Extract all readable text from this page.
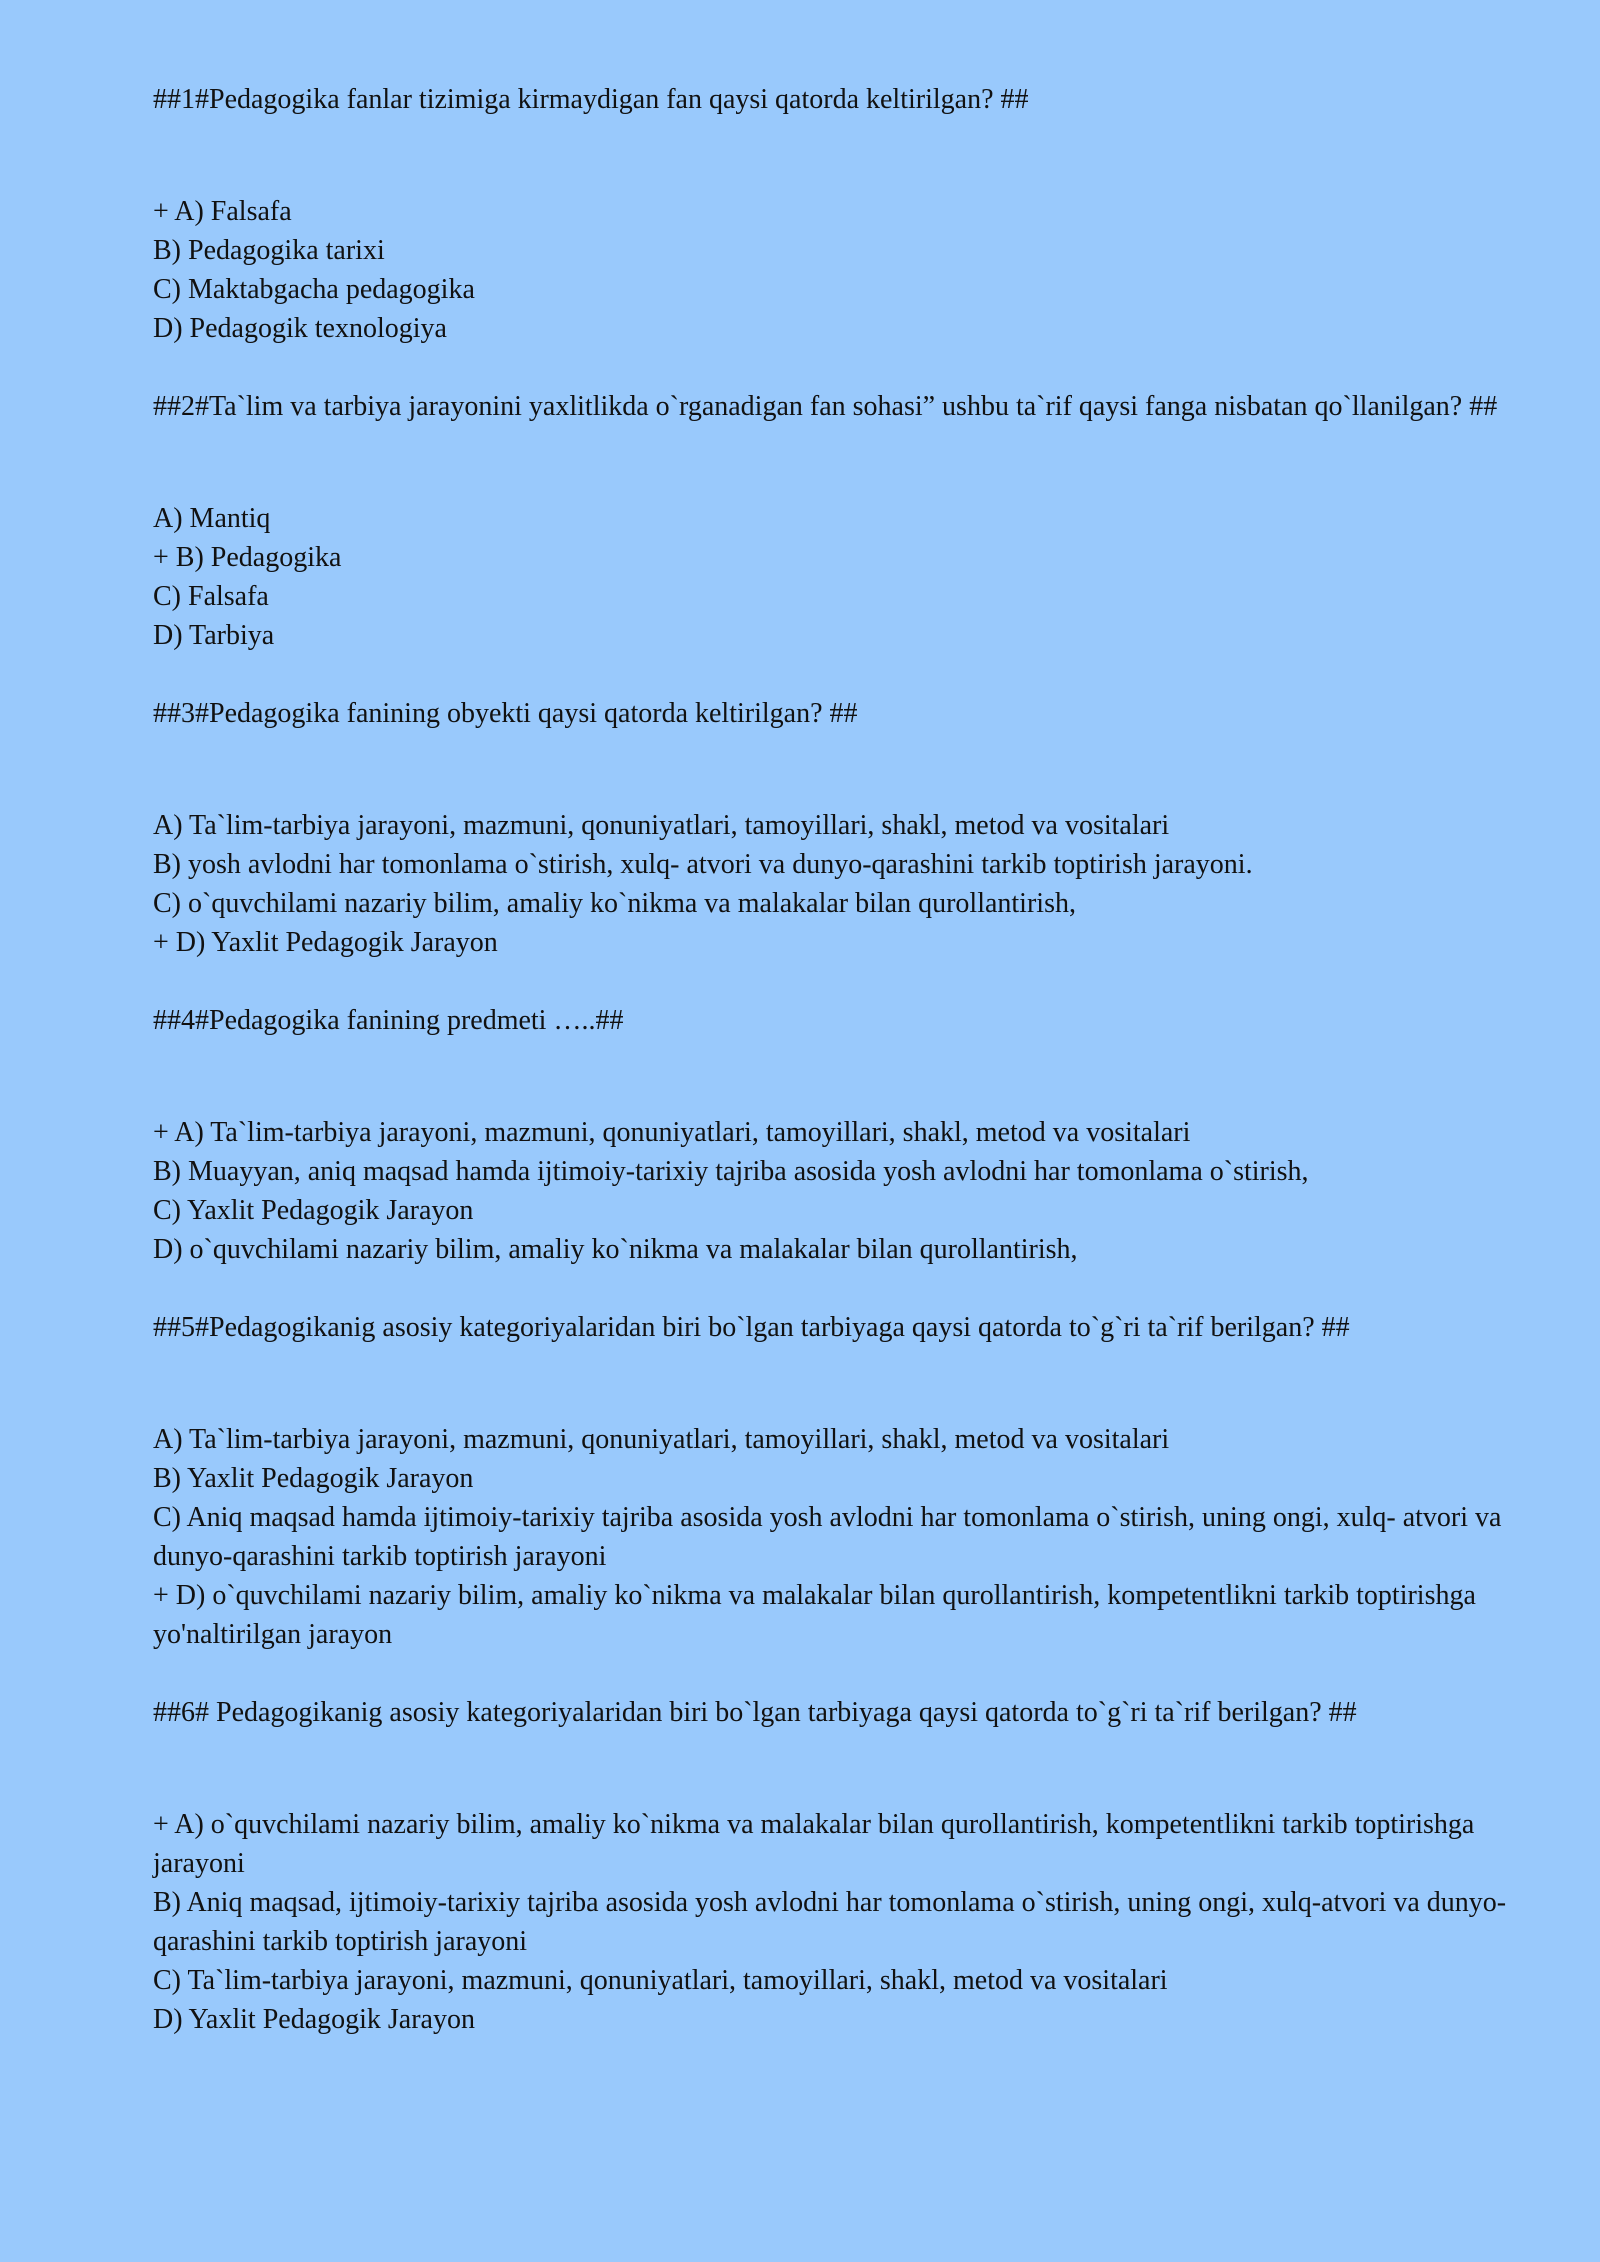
##1#Pedagogika fanlar tizimiga kirmaydigan fan qaysi qatorda keltirilgan? ##

+ A) Falsafa

B) Pedagogika tarixi

C) Maktabgacha pedagogika

D) Pedagogik texnologiya

##2#Ta`lim va tarbiya jarayonini yaxlitlikda o`rganadigan fan sohasi” ushbu ta`rif qaysi fanga nisbatan qo`llanilgan? ##

A) Mantiq

+ B) Pedagogika

C) Falsafa

D) Tarbiya

##3#Pedagogika fanining obyekti qaysi qatorda keltirilgan? ##

A) Ta`lim-tarbiya jarayoni, mazmuni, qonuniyatlari, tamoyillari, shakl, metod va vositalari

B) yosh avlodni har tomonlama o`stirish, xulq- atvori va dunyo-qarashini tarkib toptirish jarayoni.

C) o`quvchilami nazariy bilim, amaliy ko`nikma va malakalar bilan qurollantirish,

+ D) Yaxlit Pedagogik Jarayon

##4#Pedagogika fanining predmeti …..##

+ A) Ta`lim-tarbiya jarayoni, mazmuni, qonuniyatlari, tamoyillari, shakl, metod va vositalari

B) Muayyan, aniq maqsad hamda ijtimoiy-tarixiy tajriba asosida yosh avlodni har tomonlama o`stirish,

C) Yaxlit Pedagogik Jarayon

D) o`quvchilami nazariy bilim, amaliy ko`nikma va malakalar bilan qurollantirish,

##5#Pedagogikanig asosiy kategoriyalaridan biri bo`lgan tarbiyaga qaysi qatorda to`g`ri ta`rif berilgan? ##

A) Ta`lim-tarbiya jarayoni, mazmuni, qonuniyatlari, tamoyillari, shakl, metod va vositalari

B) Yaxlit Pedagogik Jarayon

C) Aniq maqsad hamda ijtimoiy-tarixiy tajriba asosida yosh avlodni har tomonlama o`stirish, uning ongi, xulq- atvori va dunyo-qarashini tarkib toptirish jarayoni

+ D) o`quvchilami nazariy bilim, amaliy ko`nikma va malakalar bilan qurollantirish, kompetentlikni tarkib toptirishga yo'naltirilgan jarayon

##6# Pedagogikanig asosiy kategoriyalaridan biri bo`lgan tarbiyaga qaysi qatorda to`g`ri ta`rif berilgan? ##

+ A) o`quvchilami nazariy bilim, amaliy ko`nikma va malakalar bilan qurollantirish, kompetentlikni tarkib toptirishga jarayoni

B) Aniq maqsad, ijtimoiy-tarixiy tajriba asosida yosh avlodni har tomonlama o`stirish, uning ongi, xulq-atvori va dunyo-qarashini tarkib toptirish jarayoni

C) Ta`lim-tarbiya jarayoni, mazmuni, qonuniyatlari, tamoyillari, shakl, metod va vositalari

D) Yaxlit Pedagogik Jarayon
